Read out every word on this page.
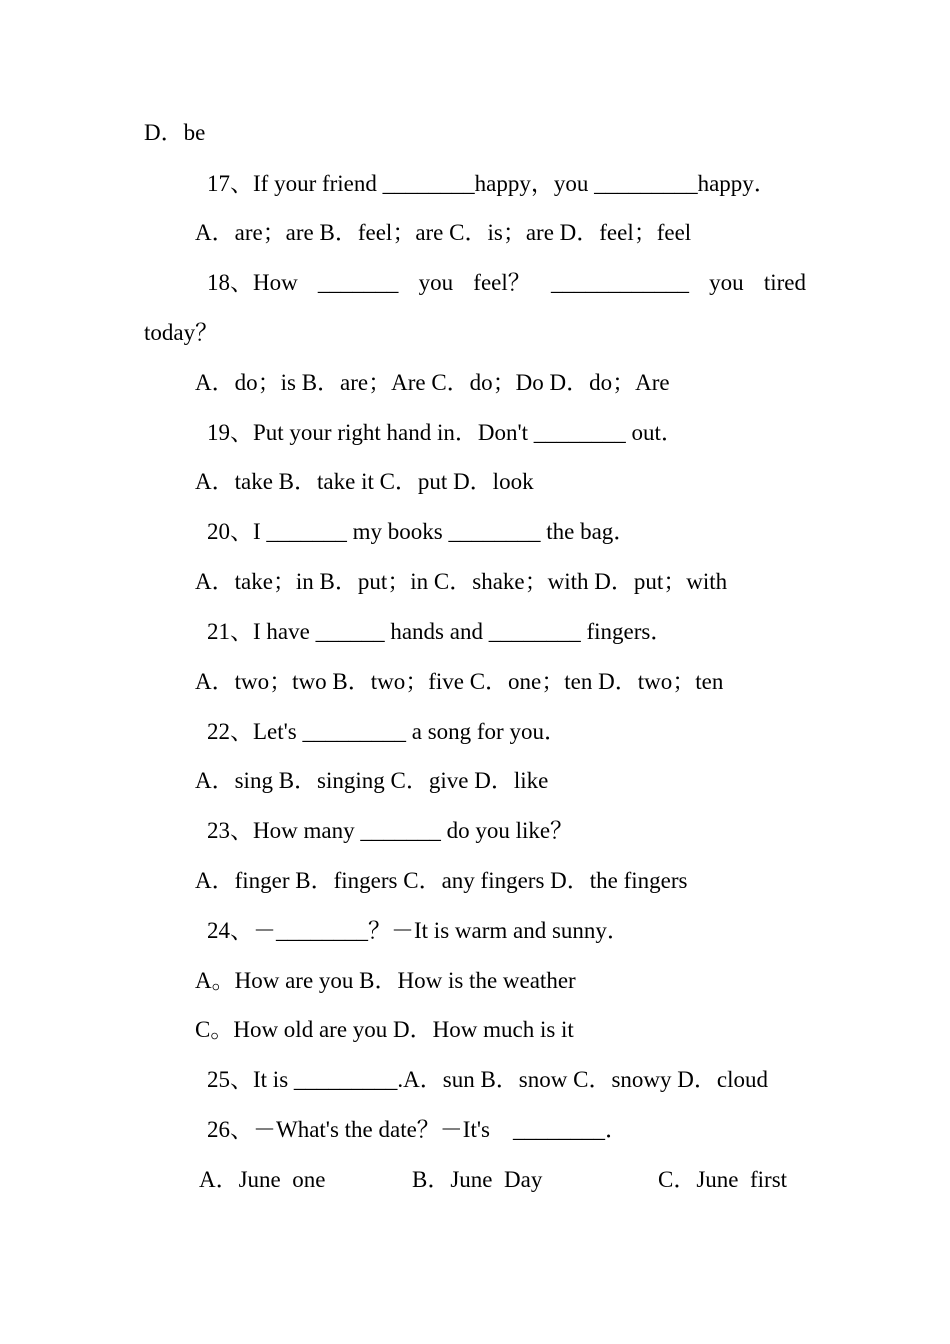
D．be

17、If your friend ________happy，you _________happy．

A．are；are B．feel；are C．is；are D．feel；feel

18、How _______ you feel？ ____________ you tired

today？

A．do；is B．are；Are C．do；Do D．do；Are

19、Put your right hand in．Don't ________ out．

A．take B．take it C．put D．look

20、I _______ my books ________ the bag．

A．take；in B．put；in C．shake；with D．put；with

21、I have ______ hands and ________ fingers．

A．two；two B．two；five C．one；ten D．two；ten

22、Let's _________ a song for you．

A．sing B．singing C．give D．like

23、How many _______ do you like？

A．finger B．fingers C．any fingers D．the fingers

24、－________？－It is warm and sunny．

A。How are you B．How is the weather

C。How old are you D．How much is it

25、It is _________.A．sun B．snow C．snowy D．cloud

26、－What's the date？－It's    ________．

A．June  one	B．June  Day	C．June  first
